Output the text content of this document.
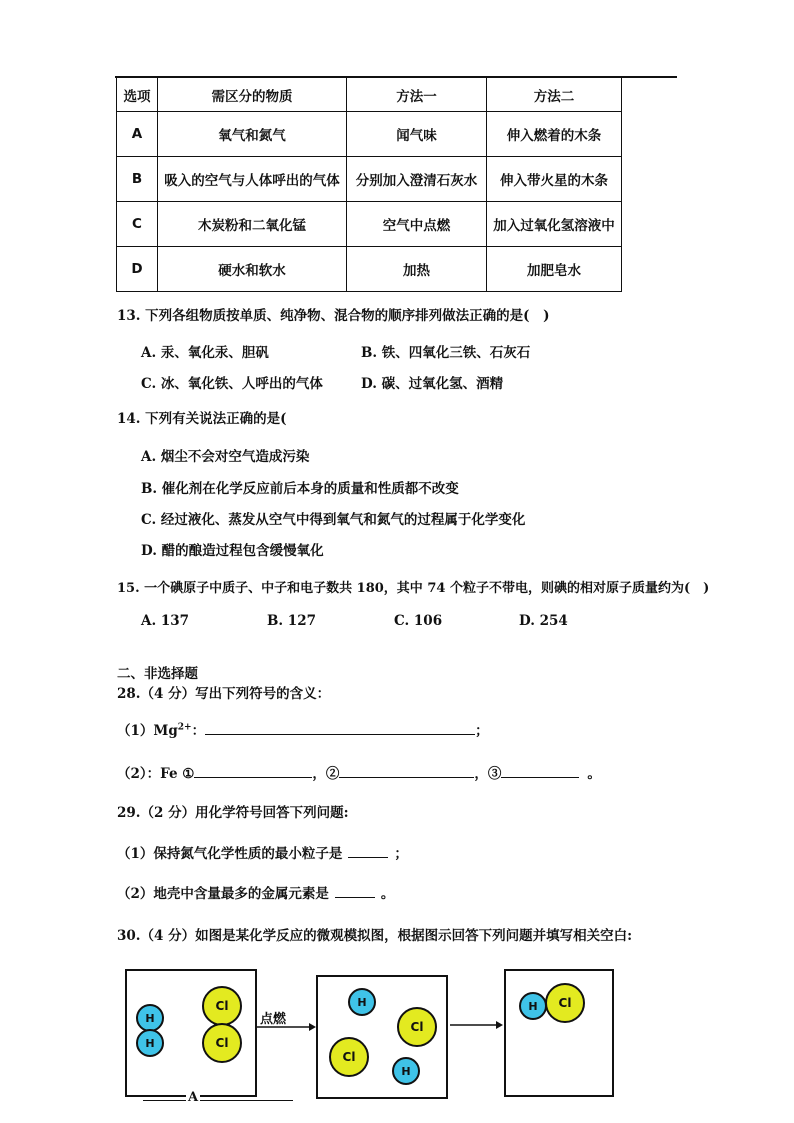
选项	需区分的物质	方法一	方法二
A	氧气和氮气	闻气味	伸入燃着的木条
B	吸入的空气与人体呼出的气体	分别加入澄清石灰水	伸入带火星的木条
C	木炭粉和二氧化锰	空气中点燃	加入过氧化氢溶液中
D	硬水和软水	加热	加肥皂水
13. 下列各组物质按单质、纯净物、混合物的顺序排列做法正确的是(　)
A. 汞、氧化汞、胆矾	B. 铁、四氧化三铁、石灰石
C. 冰、氧化铁、人呼出的气体	D. 碳、过氧化氢、酒精
14. 下列有关说法正确的是(
A. 烟尘不会对空气造成污染
B. 催化剂在化学反应前后本身的质量和性质都不改变
C. 经过液化、蒸发从空气中得到氧气和氮气的过程属于化学变化
D. 醋的酿造过程包含缓慢氧化
15. 一个碘原子中质子、中子和电子数共 180，其中 74 个粒子不带电，则碘的相对原子质量约为(　)
A. 137	B. 127	C. 106	D. 254
二、非选择题
28.（4 分）写出下列符号的含义：
$(1)Mg^{2+}$：	；
（2）：Fe ①	，②	，③	。
29.（2 分）用化学符号回答下列问题:
（1）保持氮气化学性质的最小粒子是	；
（2）地壳中含量最多的金属元素是	。
30.（4 分）如图是某化学反应的微观模拟图，根据图示回答下列问题并填写相关空白:
H
H
Cl
Cl
点燃
H
Cl
Cl
H
H	Cl
A
